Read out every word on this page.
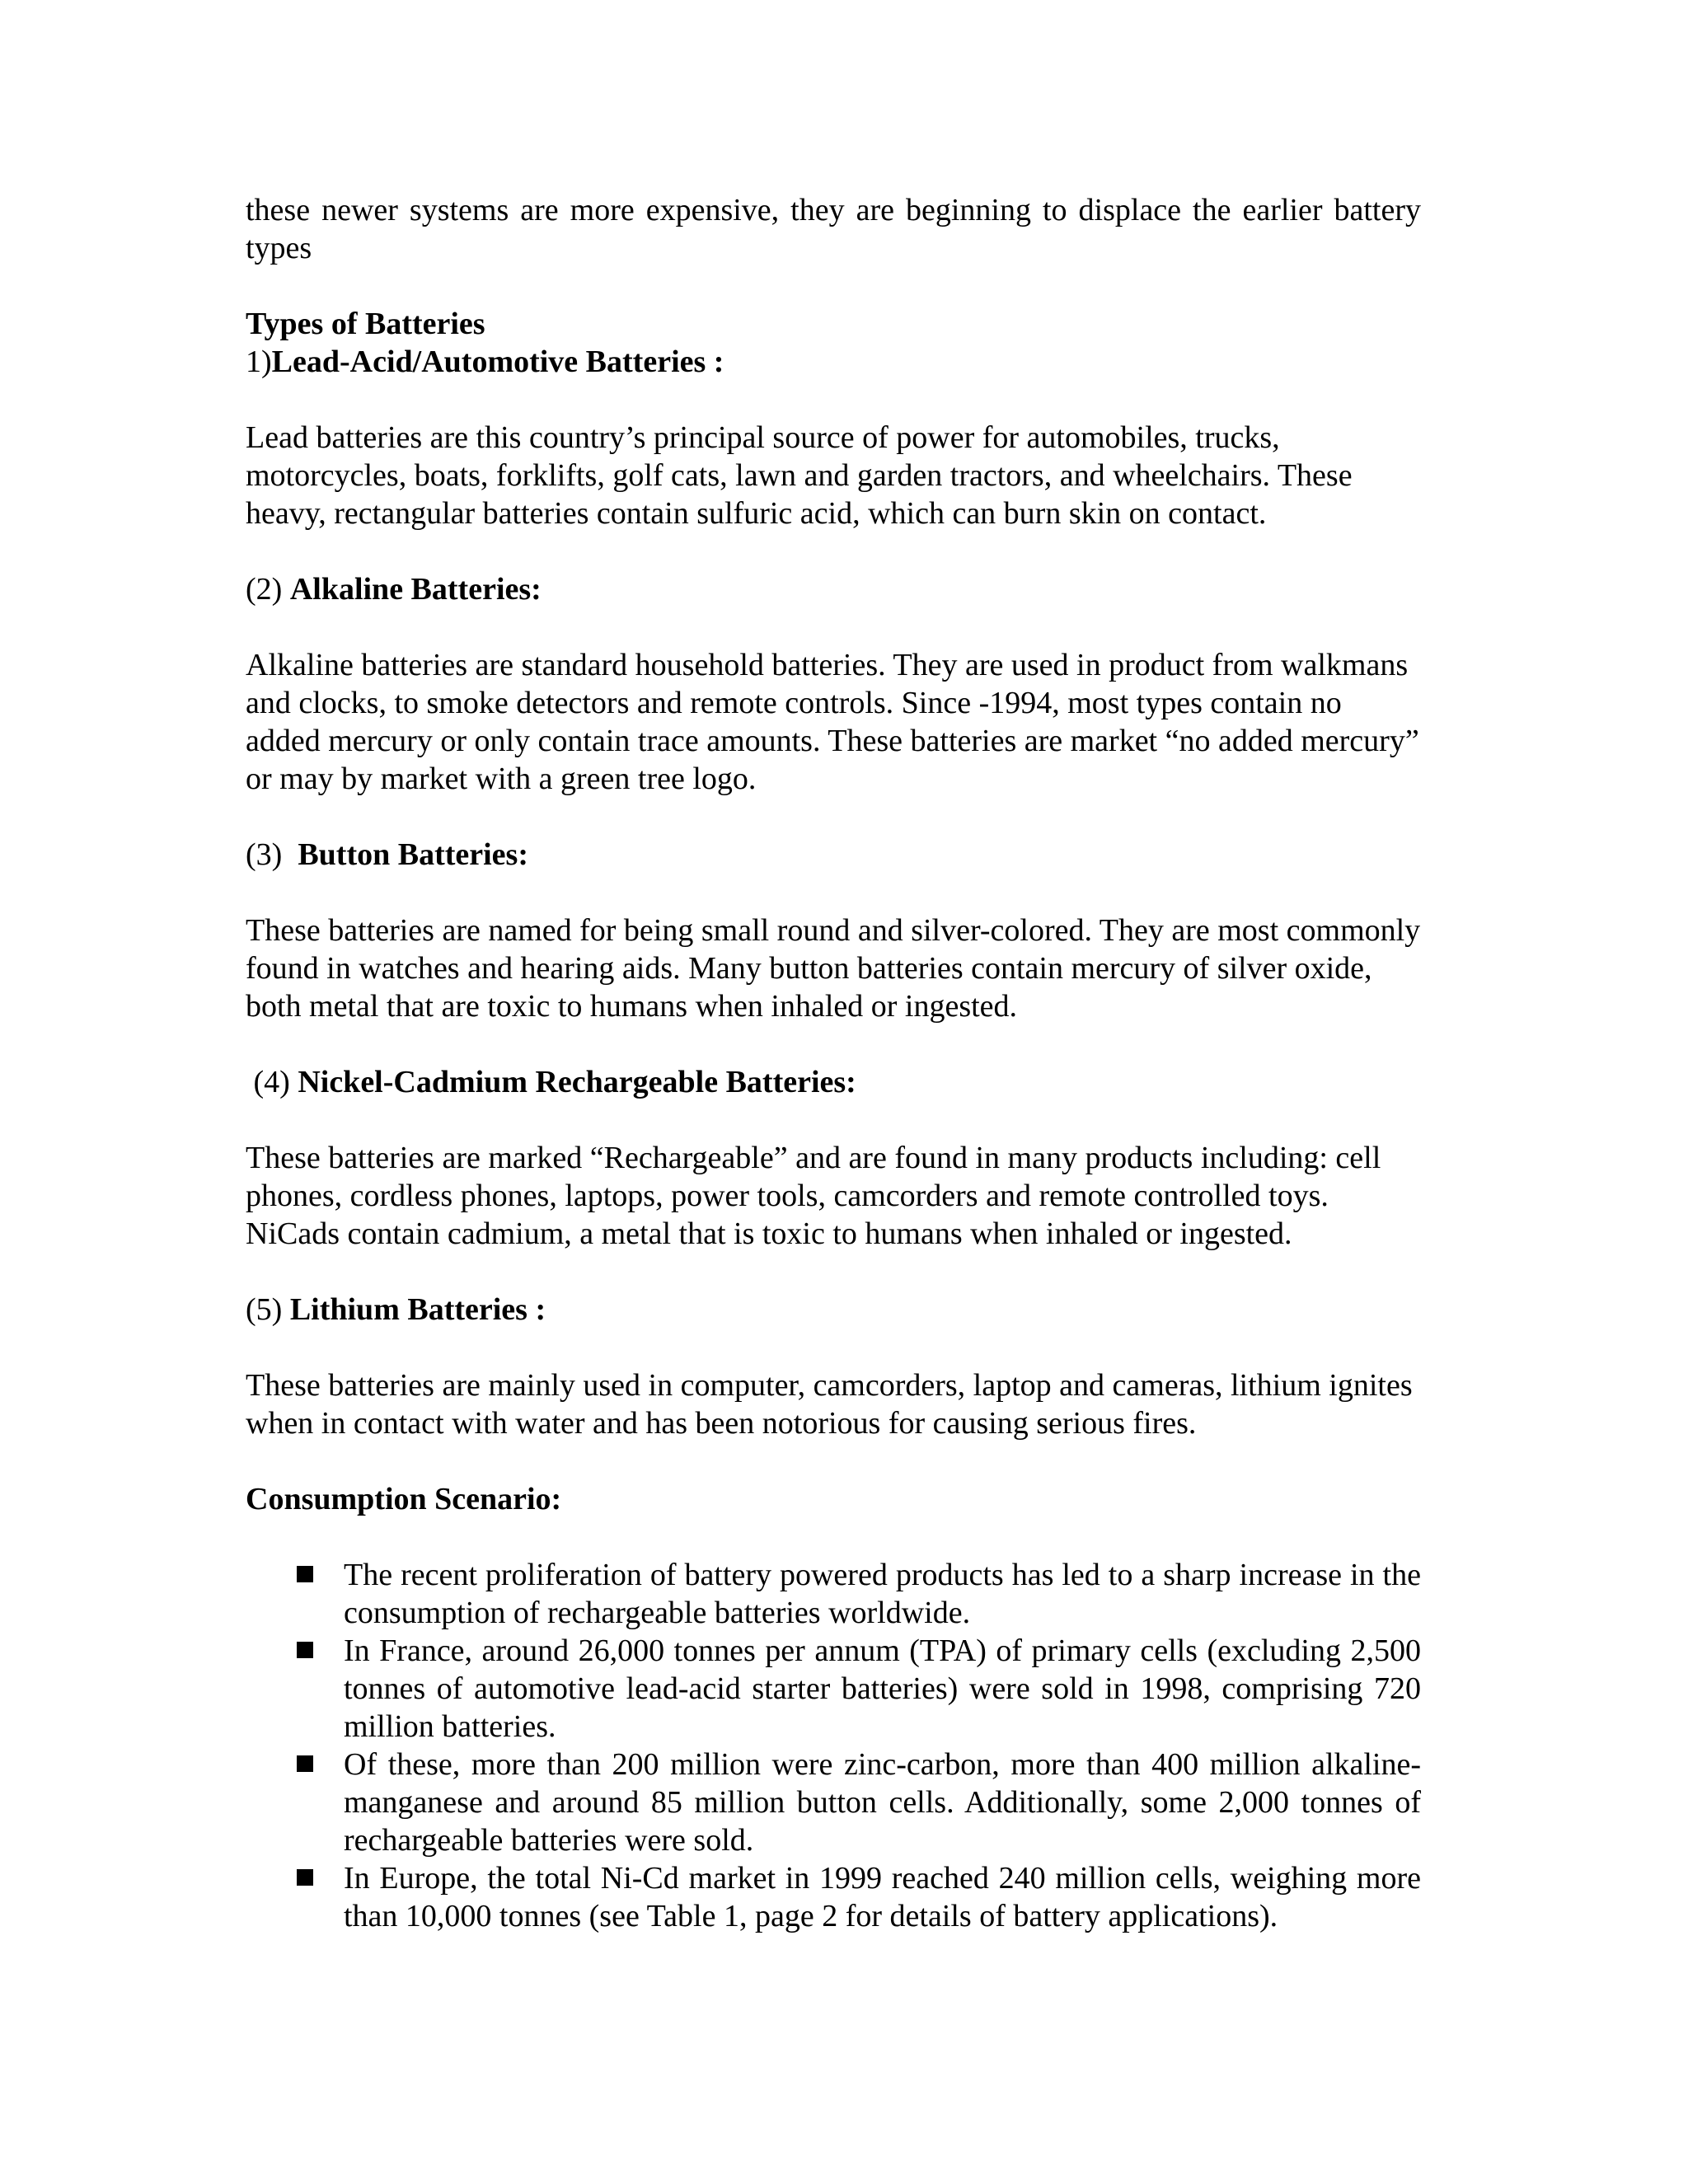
these newer systems are more expensive, they are beginning to displace the earlier battery types

Types of Batteries

1)Lead-Acid/Automotive Batteries :

Lead batteries are this country’s principal source of power for automobiles, trucks, motorcycles, boats, forklifts, golf cats, lawn and garden tractors, and wheelchairs. These heavy, rectangular batteries contain sulfuric acid, which can burn skin on contact.

(2) Alkaline Batteries:

Alkaline batteries are standard household batteries. They are used in product from walkmans and clocks, to smoke detectors and remote controls. Since -1994, most types contain no added mercury or only contain trace amounts. These batteries are market “no added mercury” or may by market with a green tree logo.

(3)  Button Batteries:

These batteries are named for being small round and silver-colored. They are most commonly found in watches and hearing aids. Many button batteries contain mercury of silver oxide, both metal that are toxic to humans when inhaled or ingested.

(4) Nickel-Cadmium Rechargeable Batteries:

These batteries are marked “Rechargeable” and are found in many products including: cell phones, cordless phones, laptops, power tools, camcorders and remote controlled toys. NiCads contain cadmium, a metal that is toxic to humans when inhaled or ingested.

(5) Lithium Batteries :

These batteries are mainly used in computer, camcorders, laptop and cameras, lithium ignites when in contact with water and has been notorious for causing serious fires.

Consumption Scenario:

The recent proliferation of battery powered products has led to a sharp increase in the consumption of rechargeable batteries worldwide.
In France, around 26,000 tonnes per annum (TPA) of primary cells (excluding 2,500 tonnes of automotive lead-acid starter batteries) were sold in 1998, comprising 720 million batteries.
Of these, more than 200 million were zinc-carbon, more than 400 million alkaline-manganese and around 85 million button cells. Additionally, some 2,000 tonnes of rechargeable batteries were sold.
In Europe, the total Ni-Cd market in 1999 reached 240 million cells, weighing more than 10,000 tonnes (see Table 1, page 2 for details of battery applications).
